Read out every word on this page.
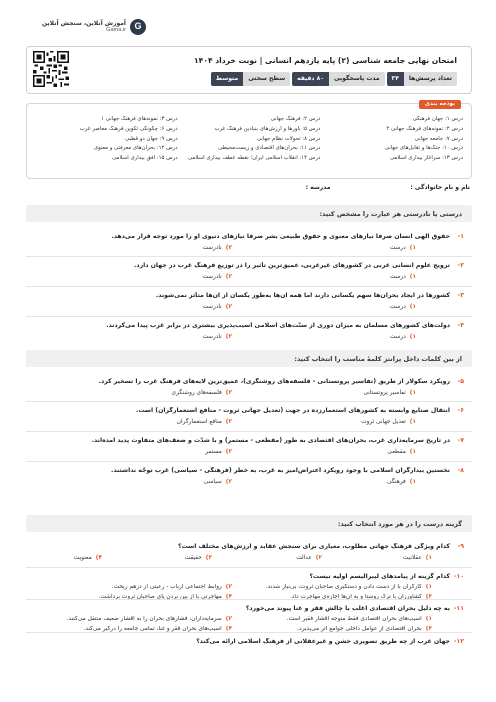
G
آموزش آنلاین، سنجش آنلاین
Gama.ir
امتحان نهایی جامعه شناسی (۲) پایه یازدهم انسانی | نوبت خرداد ۱۴۰۴
تعداد پرسش‌ها
۳۴
مدت پاسخگویی
۸۰ دقیقه
سطح سختی
متوسط
بودجه بندی
درس ۱: جهان فرهنگی
درس ۲: فرهنگ جهانی
درس ۳: نمونه‌های فرهنگ جهانی ۱
درس ۴: نمونه‌های فرهنگ جهانی ۲
درس ۵: باورها و ارزش‌های بنیادین فرهنگ غرب
درس ۶: چگونگی تکوین فرهنگ معاصر غرب
درس ۷: جامعه جهانی
درس ۸: تحولات نظام جهانی
درس ۹: جهان دو قطبی
درس ۱۰: جنگ‌ها و تقابل‌های جهانی
درس ۱۱: بحران‌های اقتصادی و زیست‌محیطی
درس ۱۲: بحران‌های معرفتی و معنوی
درس ۱۳: سرآغاز بیداری اسلامی
درس ۱۴: انقلاب اسلامی ایران؛ نقطه عطف بیداری اسلامی
درس ۱۵: افق بیداری اسلامی
نام و نام خانوادگی :
مدرسه :
درستی یا نادرستی هر عبارت را مشخص کنید:
۱-
حقوق الهی انسان صرفاً نیازهای معنوی و حقوق طبیعی بشر صرفاً نیازهای دنیوی او را مورد توجه قرار می‌دهد.
۱)
درست
۲)
نادرست
۲-
ترویج علوم انسانی غربی در کشورهای غیرغربی، عمیق‌ترین تأثیر را در توزیع فرهنگ غرب در جهان دارد.
۱)
درست
۲)
نادرست
۳-
کشورها در ایجاد بحران‌ها سهم یکسانی دارند اما همه آن‌ها به‌طور یکسان از آن‌ها متأثر نمی‌شوند.
۱)
درست
۲)
نادرست
۴-
دولت‌های کشورهای مسلمان به میزان دوری از سنّت‌های اسلامی آسیب‌پذیری بیشتری در برابر غرب پیدا می‌کردند.
۱)
درست
۲)
نادرست
از بین کلمات داخل پرانتز کلمهٔ مناسب را انتخاب کنید:
۵-
رویکرد سکولار از طریق (تفاسیر پروتستانی - فلسفه‌های روشنگری)، عمیق‌ترین لایه‌های فرهنگ غرب را تسخیر کرد.
۱)
تفاسیر پروتستانی
۲)
فلسفه‌های روشنگری
۶-
انتقال صنایع وابسته به کشورهای استعمارزده در جهت (تعدیل جهانی ثروت - منافع استعمارگران) است.
۱)
تعدیل جهانی ثروت
۲)
منافع استعمارگران
۷-
در تاریخ سرمایه‌داری غرب، بحران‌های اقتصادی به طور (مقطعی - مستمر) و با شدّت و ضعف‌های متفاوت پدید آمده‌اند.
۱)
مقطعی
۲)
مستمر
۸-
نخستین بیدارگران اسلامی با وجود رویکرد اعتراض‌آمیز به غرب، به خطر (فرهنگی - سیاسی) غرب توجّه نداشتند.
۱)
فرهنگی
۲)
سیاسی
گزینه درست را در هر مورد انتخاب کنید:
۹-
کدام ویژگی فرهنگ جهانی مطلوب، معیاری برای سنجش عقاید و ارزش‌های مختلف است؟
۱)
عقلانیت
۲)
عدالت
۳)
حقیقت
۴)
معنویت
۱۰-
کدام گزینه از پیامدهای لیبرالیسم اولیه نیست؟
۱)
کارگران با از دست دادن و دستگیری صاحبان ثروت، بی‌نیاز شدند.
۲)
روابط اجتماعی ارباب - رعیتی از درهم ریخت.
۳)
کشاورزان با ترک روستا و به آن‌ها اجازه‌ی مهاجرت داد.
۴)
مهاجرتی با از بین بردن پای صاحبان ثروت برداشت.
۱۱-
به چه دلیل بحران اقتصادی اغلب با چالش فقر و غنا پیوند می‌خورد؟
۱)
آسیب‌های بحران اقتصادی فقط متوجه اقشار فقیر است.
۲)
سرمایه‌داران، فشارهای بحران را به اقشار ضعیف منتقل می‌کنند.
۳)
بحران اقتصادی از عوامل داخلی جوامع اثر می‌پذیرد.
۴)
آسیب‌های بحران فقر و غنا، تمامی جامعه را درگیر می‌کند.
۱۲-
جهان غرب از چه طریق تصویری خشن و غیرعقلانی از فرهنگ اسلامی ارائه می‌کند؟
